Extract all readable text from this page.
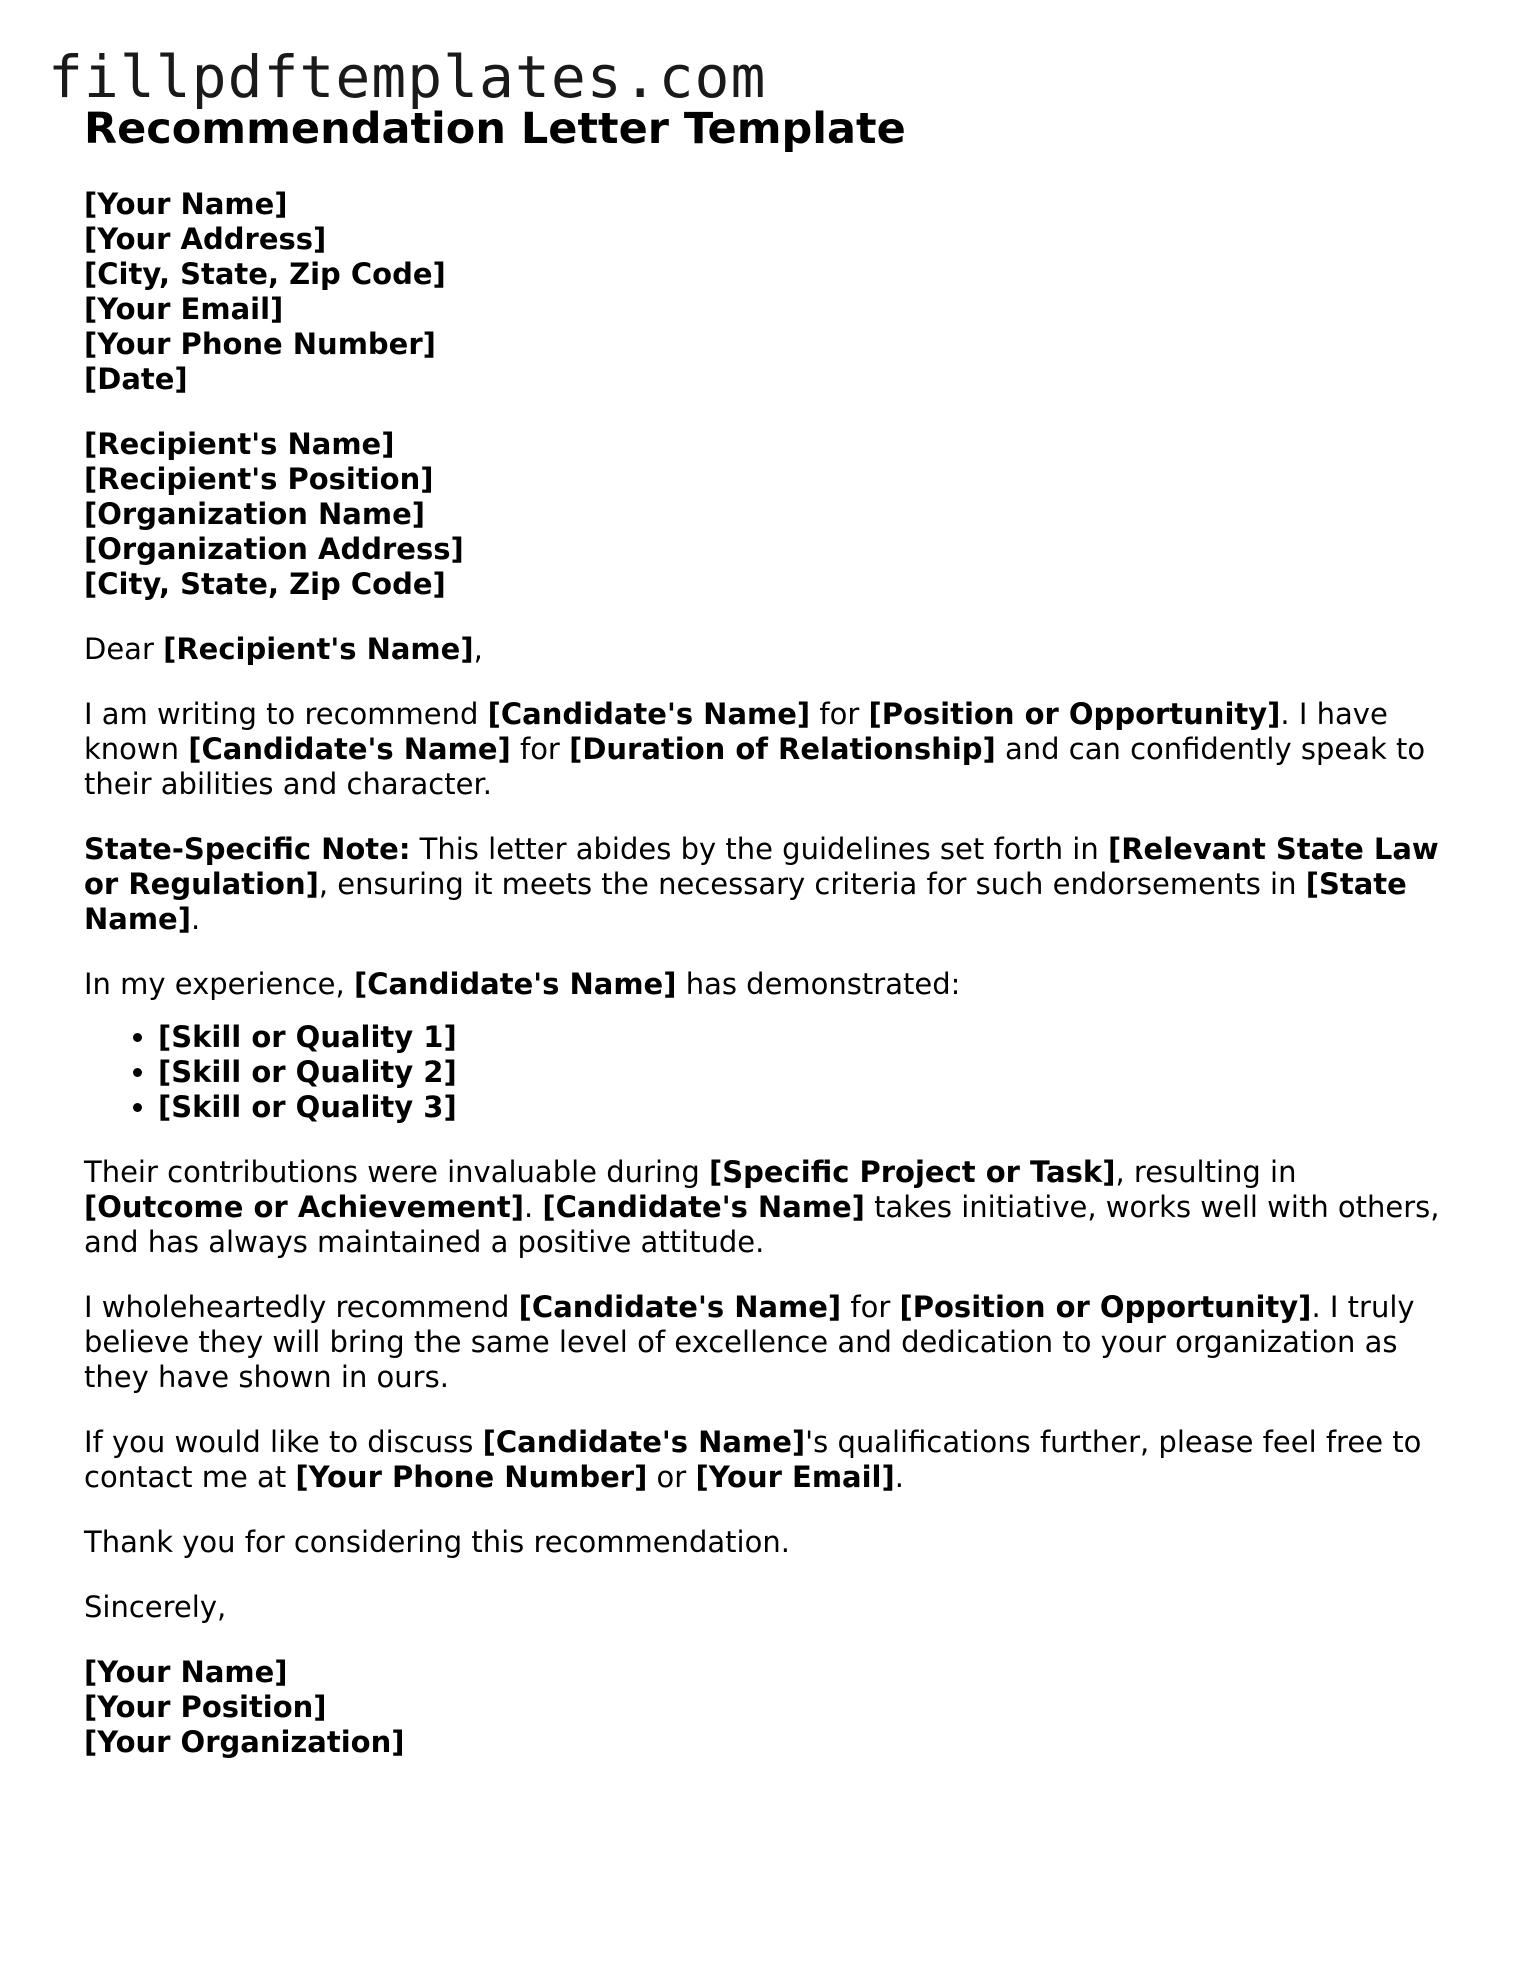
fillpdftemplates.com
Recommendation Letter Template
[Your Name]
[Your Address]
[City, State, Zip Code]
[Your Email]
[Your Phone Number]
[Date]
[Recipient's Name]
[Recipient's Position]
[Organization Name]
[Organization Address]
[City, State, Zip Code]

Dear [Recipient's Name],

I am writing to recommend [Candidate's Name] for [Position or Opportunity]. I have known [Candidate's Name] for [Duration of Relationship] and can confidently speak to their abilities and character.

State-Specific Note: This letter abides by the guidelines set forth in [Relevant State Law or Regulation], ensuring it meets the necessary criteria for such endorsements in [State Name].

In my experience, [Candidate's Name] has demonstrated:

• [Skill or Quality 1]
• [Skill or Quality 2]
• [Skill or Quality 3]

Their contributions were invaluable during [Specific Project or Task], resulting in [Outcome or Achievement]. [Candidate's Name] takes initiative, works well with others, and has always maintained a positive attitude.

I wholeheartedly recommend [Candidate's Name] for [Position or Opportunity]. I truly believe they will bring the same level of excellence and dedication to your organization as they have shown in ours.

If you would like to discuss [Candidate's Name]'s qualifications further, please feel free to contact me at [Your Phone Number] or [Your Email].

Thank you for considering this recommendation.

Sincerely,

[Your Name]
[Your Position]
[Your Organization]
